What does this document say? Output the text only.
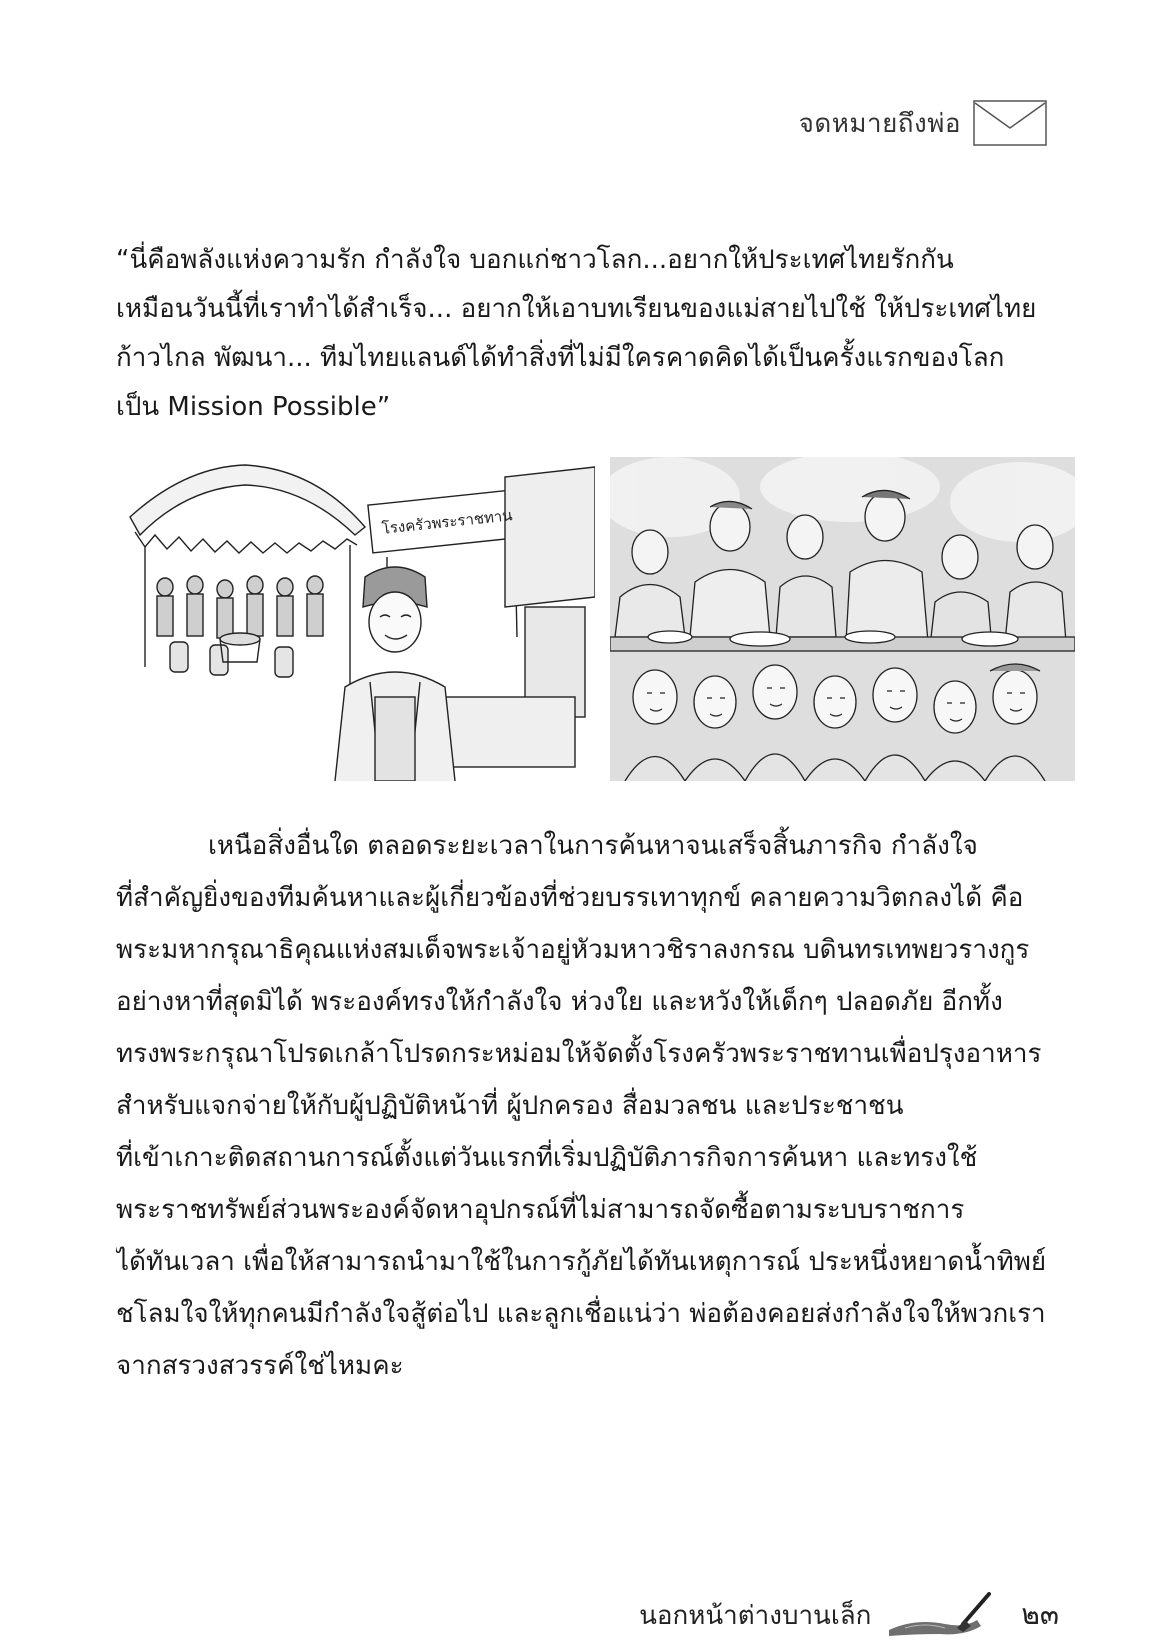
จดหมายถึงพ่อ

“นี่คือพลังแห่งความรัก กำลังใจ บอกแก่ชาวโลก...อยากให้ประเทศไทยรักกัน

เหมือนวันนี้ที่เราทำได้สำเร็จ... อยากให้เอาบทเรียนของแม่สายไปใช้ ให้ประเทศไทย

ก้าวไกล พัฒนา... ทีมไทยแลนด์ได้ทำสิ่งที่ไม่มีใครคาดคิดได้เป็นครั้งแรกของโลก

เป็น Mission Possible”

โรงครัวพระราชทาน

เหนือสิ่งอื่นใด ตลอดระยะเวลาในการค้นหาจนเสร็จสิ้นภารกิจ กำลังใจ

ที่สำคัญยิ่งของทีมค้นหาและผู้เกี่ยวข้องที่ช่วยบรรเทาทุกข์ คลายความวิตกลงได้ คือ

พระมหากรุณาธิคุณแห่งสมเด็จพระเจ้าอยู่หัวมหาวชิราลงกรณ บดินทรเทพยวรางกูร

อย่างหาที่สุดมิได้ พระองค์ทรงให้กำลังใจ ห่วงใย และหวังให้เด็กๆ ปลอดภัย อีกทั้ง

ทรงพระกรุณาโปรดเกล้าโปรดกระหม่อมให้จัดตั้งโรงครัวพระราชทานเพื่อปรุงอาหาร

สำหรับแจกจ่ายให้กับผู้ปฏิบัติหน้าที่ ผู้ปกครอง สื่อมวลชน และประชาชน

ที่เข้าเกาะติดสถานการณ์ตั้งแต่วันแรกที่เริ่มปฏิบัติภารกิจการค้นหา และทรงใช้

พระราชทรัพย์ส่วนพระองค์จัดหาอุปกรณ์ที่ไม่สามารถจัดซื้อตามระบบราชการ

ได้ทันเวลา เพื่อให้สามารถนำมาใช้ในการกู้ภัยได้ทันเหตุการณ์ ประหนึ่งหยาดน้ำทิพย์

ชโลมใจให้ทุกคนมีกำลังใจสู้ต่อไป และลูกเชื่อแน่ว่า พ่อต้องคอยส่งกำลังใจให้พวกเรา

จากสรวงสวรรค์ใช่ไหมคะ

นอกหน้าต่างบานเล็ก	๒๓
